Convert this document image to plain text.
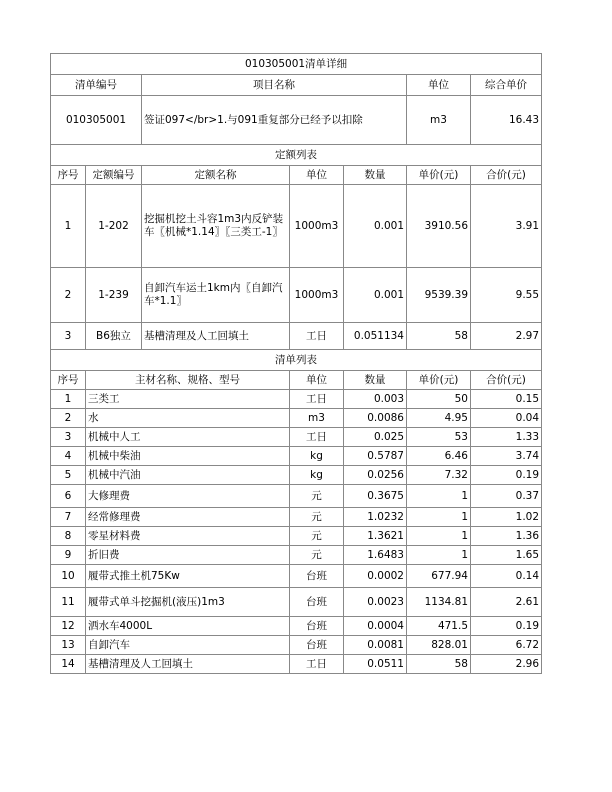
010305001清单详细						
清单编号		项目名称			单位	综合单价
010305001		签证097</br>1.与091重复部分已经予以扣除			m3	16.43
定额列表						
序号	定额编号	定额名称	单位	数量	单价(元)	合价(元)
1	1-202	挖掘机挖土斗容1m3内反铲装车〖机械*1.14〗〖三类工-1〗	1000m3	0.001	3910.56	3.91
2	1-239	自卸汽车运土1km内〖自卸汽车*1.1〗	1000m3	0.001	9539.39	9.55
3	B6独立	基槽清理及人工回填土	工日	0.051134	58	2.97
清单列表						
序号	主材名称、规格、型号		单位	数量	单价(元)	合价(元)
1	三类工		工日	0.003	50	0.15
2	水		m3	0.0086	4.95	0.04
3	机械中人工		工日	0.025	53	1.33
4	机械中柴油		kg	0.5787	6.46	3.74
5	机械中汽油		kg	0.0256	7.32	0.19
6	大修理费		元	0.3675	1	0.37
7	经常修理费		元	1.0232	1	1.02
8	零星材料费		元	1.3621	1	1.36
9	折旧费		元	1.6483	1	1.65
10	履带式推土机75Kw		台班	0.0002	677.94	0.14
11	履带式单斗挖掘机(液压)1m3		台班	0.0023	1134.81	2.61
12	洒水车4000L		台班	0.0004	471.5	0.19
13	自卸汽车		台班	0.0081	828.01	6.72
14	基槽清理及人工回填土		工日	0.0511	58	2.96
